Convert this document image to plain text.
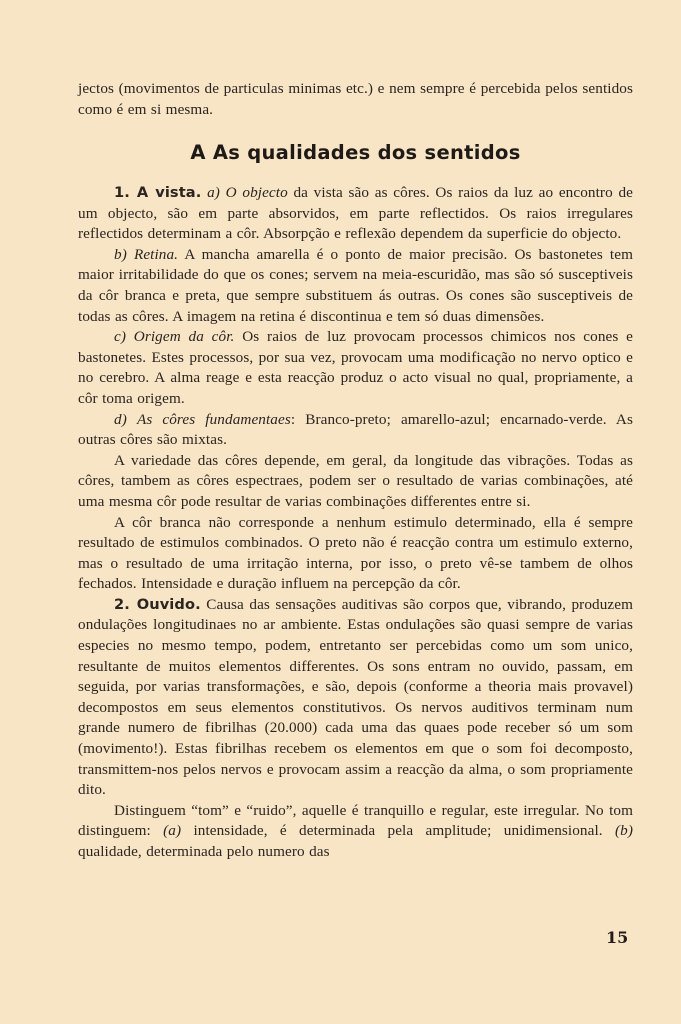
jectos (movimentos de particulas minimas etc.) e nem sempre é percebida pelos sentidos como é em si mesma.
A As qualidades dos sentidos

1. A vista. a) O objecto da vista são as côres. Os raios da luz ao encontro de um objecto, são em parte absorvidos, em parte reflectidos. Os raios irregulares reflectidos determinam a côr. Absorpção e reflexão dependem da superficie do objecto.

b) Retina. A mancha amarella é o ponto de maior precisão. Os bastonetes tem maior irritabilidade do que os cones; servem na meia-escuridão, mas são só susceptiveis da côr branca e preta, que sempre substituem ás outras. Os cones são susceptiveis de todas as côres. A imagem na retina é discontinua e tem só duas dimensões.

c) Origem da côr. Os raios de luz provocam processos chimicos nos cones e bastonetes. Estes processos, por sua vez, provocam uma modificação no nervo optico e no cerebro. A alma reage e esta reacção produz o acto visual no qual, propriamente, a côr toma origem.

d) As côres fundamentaes: Branco-preto; amarello-azul; encarnado-verde. As outras côres são mixtas.

A variedade das côres depende, em geral, da longitude das vibrações. Todas as côres, tambem as côres espectraes, podem ser o resultado de varias combinações, até uma mesma côr pode resultar de varias combinações differentes entre si.

A côr branca não corresponde a nenhum estimulo determinado, ella é sempre resultado de estimulos combinados. O preto não é reacção contra um estimulo externo, mas o resultado de uma irritação interna, por isso, o preto vê-se tambem de olhos fechados. Intensidade e duração influem na percepção da côr.

2. Ouvido. Causa das sensações auditivas são corpos que, vibrando, produzem ondulações longitudinaes no ar ambiente. Estas ondulações são quasi sempre de varias especies no mesmo tempo, podem, entretanto ser percebidas como um som unico, resultante de muitos elementos differentes. Os sons entram no ouvido, passam, em seguida, por varias transformações, e são, depois (conforme a theoria mais provavel) decompostos em seus elementos constitutivos. Os nervos auditivos terminam num grande numero de fibrilhas (20.000) cada uma das quaes pode receber só um som (movimento!). Estas fibrilhas recebem os elementos em que o som foi decomposto, transmittem-nos pelos nervos e provocam assim a reacção da alma, o som propriamente dito.

Distinguem “tom” e “ruido”, aquelle é tranquillo e regular, este irregular. No tom distinguem: (a) intensidade, é determinada pela amplitude; unidimensional. (b) qualidade, determinada pelo numero das

15
